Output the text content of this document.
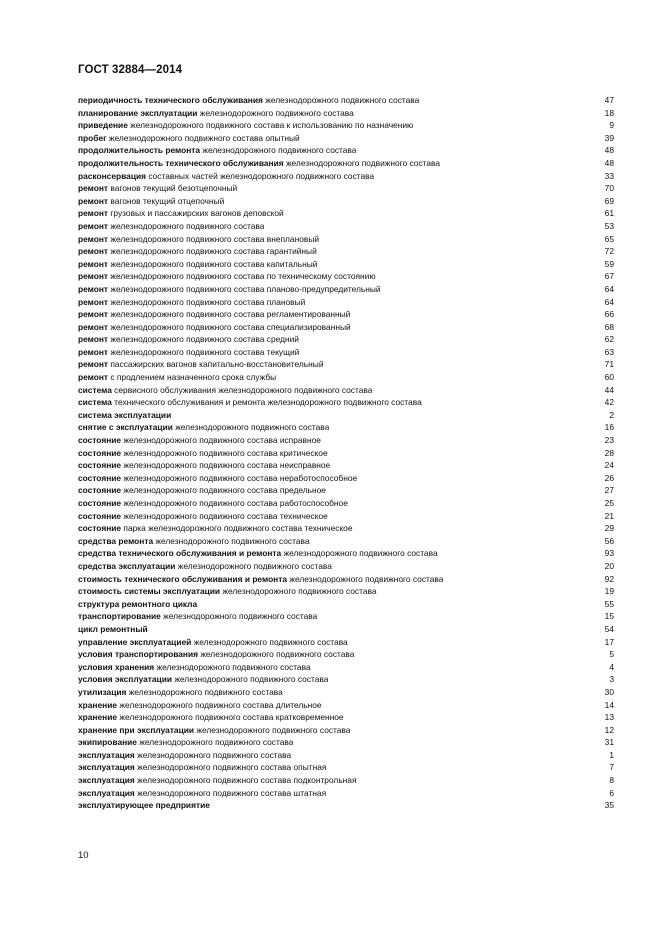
ГОСТ 32884—2014
периодичность технического обслуживания железнодорожного подвижного состава	47
планирование эксплуатации железнодорожного подвижного состава	18
приведение железнодорожного подвижного состава к использованию по назначению	9
пробег железнодорожного подвижного состава опытный	39
продолжительность ремонта железнодорожного подвижного состава	48
продолжительность технического обслуживания железнодорожного подвижного состава	48
расконсервация составных частей железнодорожного подвижного состава	33
ремонт вагонов текущий безотцепочный	70
ремонт вагонов текущий отцепочный	69
ремонт грузовых и пассажирских вагонов деповской	61
ремонт железнодорожного подвижного состава	53
ремонт железнодорожного подвижного состава внеплановый	65
ремонт железнодорожного подвижного состава гарантийный	72
ремонт железнодорожного подвижного состава капитальный	59
ремонт железнодорожного подвижного состава по техническому состоянию	67
ремонт железнодорожного подвижного состава планово-предупредительный	64
ремонт железнодорожного подвижного состава плановый	64
ремонт железнодорожного подвижного состава регламентированный	66
ремонт железнодорожного подвижного состава специализированный	68
ремонт железнодорожного подвижного состава средний	62
ремонт железнодорожного подвижного состава текущий	63
ремонт пассажирских вагонов капитально-восстановительный	71
ремонт с продлением назначенного срока службы	60
система сервисного обслуживания железнодорожного подвижного состава	44
система технического обслуживания и ремонта железнодорожного подвижного состава	42
система эксплуатации	2
снятие с эксплуатации железнодорожного подвижного состава	16
состояние железнодорожного подвижного состава исправное	23
состояние железнодорожного подвижного состава критическое	28
состояние железнодорожного подвижного состава неисправное	24
состояние железнодорожного подвижного состава неработоспособное	26
состояние железнодорожного подвижного состава предельное	27
состояние железнодорожного подвижного состава работоспособное	25
состояние железнодорожного подвижного состава техническое	21
состояние парка железнодорожного подвижного состава техническое	29
средства ремонта железнодорожного подвижного состава	56
средства технического обслуживания и ремонта железнодорожного подвижного состава	93
средства эксплуатации железнодорожного подвижного состава	20
стоимость технического обслуживания и ремонта железнодорожного подвижного состава	92
стоимость системы эксплуатации железнодорожного подвижного состава	19
структура ремонтного цикла	55
транспортирование железнодорожного подвижного состава	15
цикл ремонтный	54
управление эксплуатацией железнодорожного подвижного состава	17
условия транспортирования железнодорожного подвижного состава	5
условия хранения железнодорожного подвижного состава	4
условия эксплуатации железнодорожного подвижного состава	3
утилизация железнодорожного подвижного состава	30
хранение железнодорожного подвижного состава длительное	14
хранение железнодорожного подвижного состава кратковременное	13
хранение при эксплуатации железнодорожного подвижного состава	12
экипирование железнодорожного подвижного состава	31
эксплуатация железнодорожного подвижного состава	1
эксплуатация железнодорожного подвижного состава опытная	7
эксплуатация железнодорожного подвижного состава подконтрольная	8
эксплуатация железнодорожного подвижного состава штатная	6
эксплуатирующее предприятие	35
10
